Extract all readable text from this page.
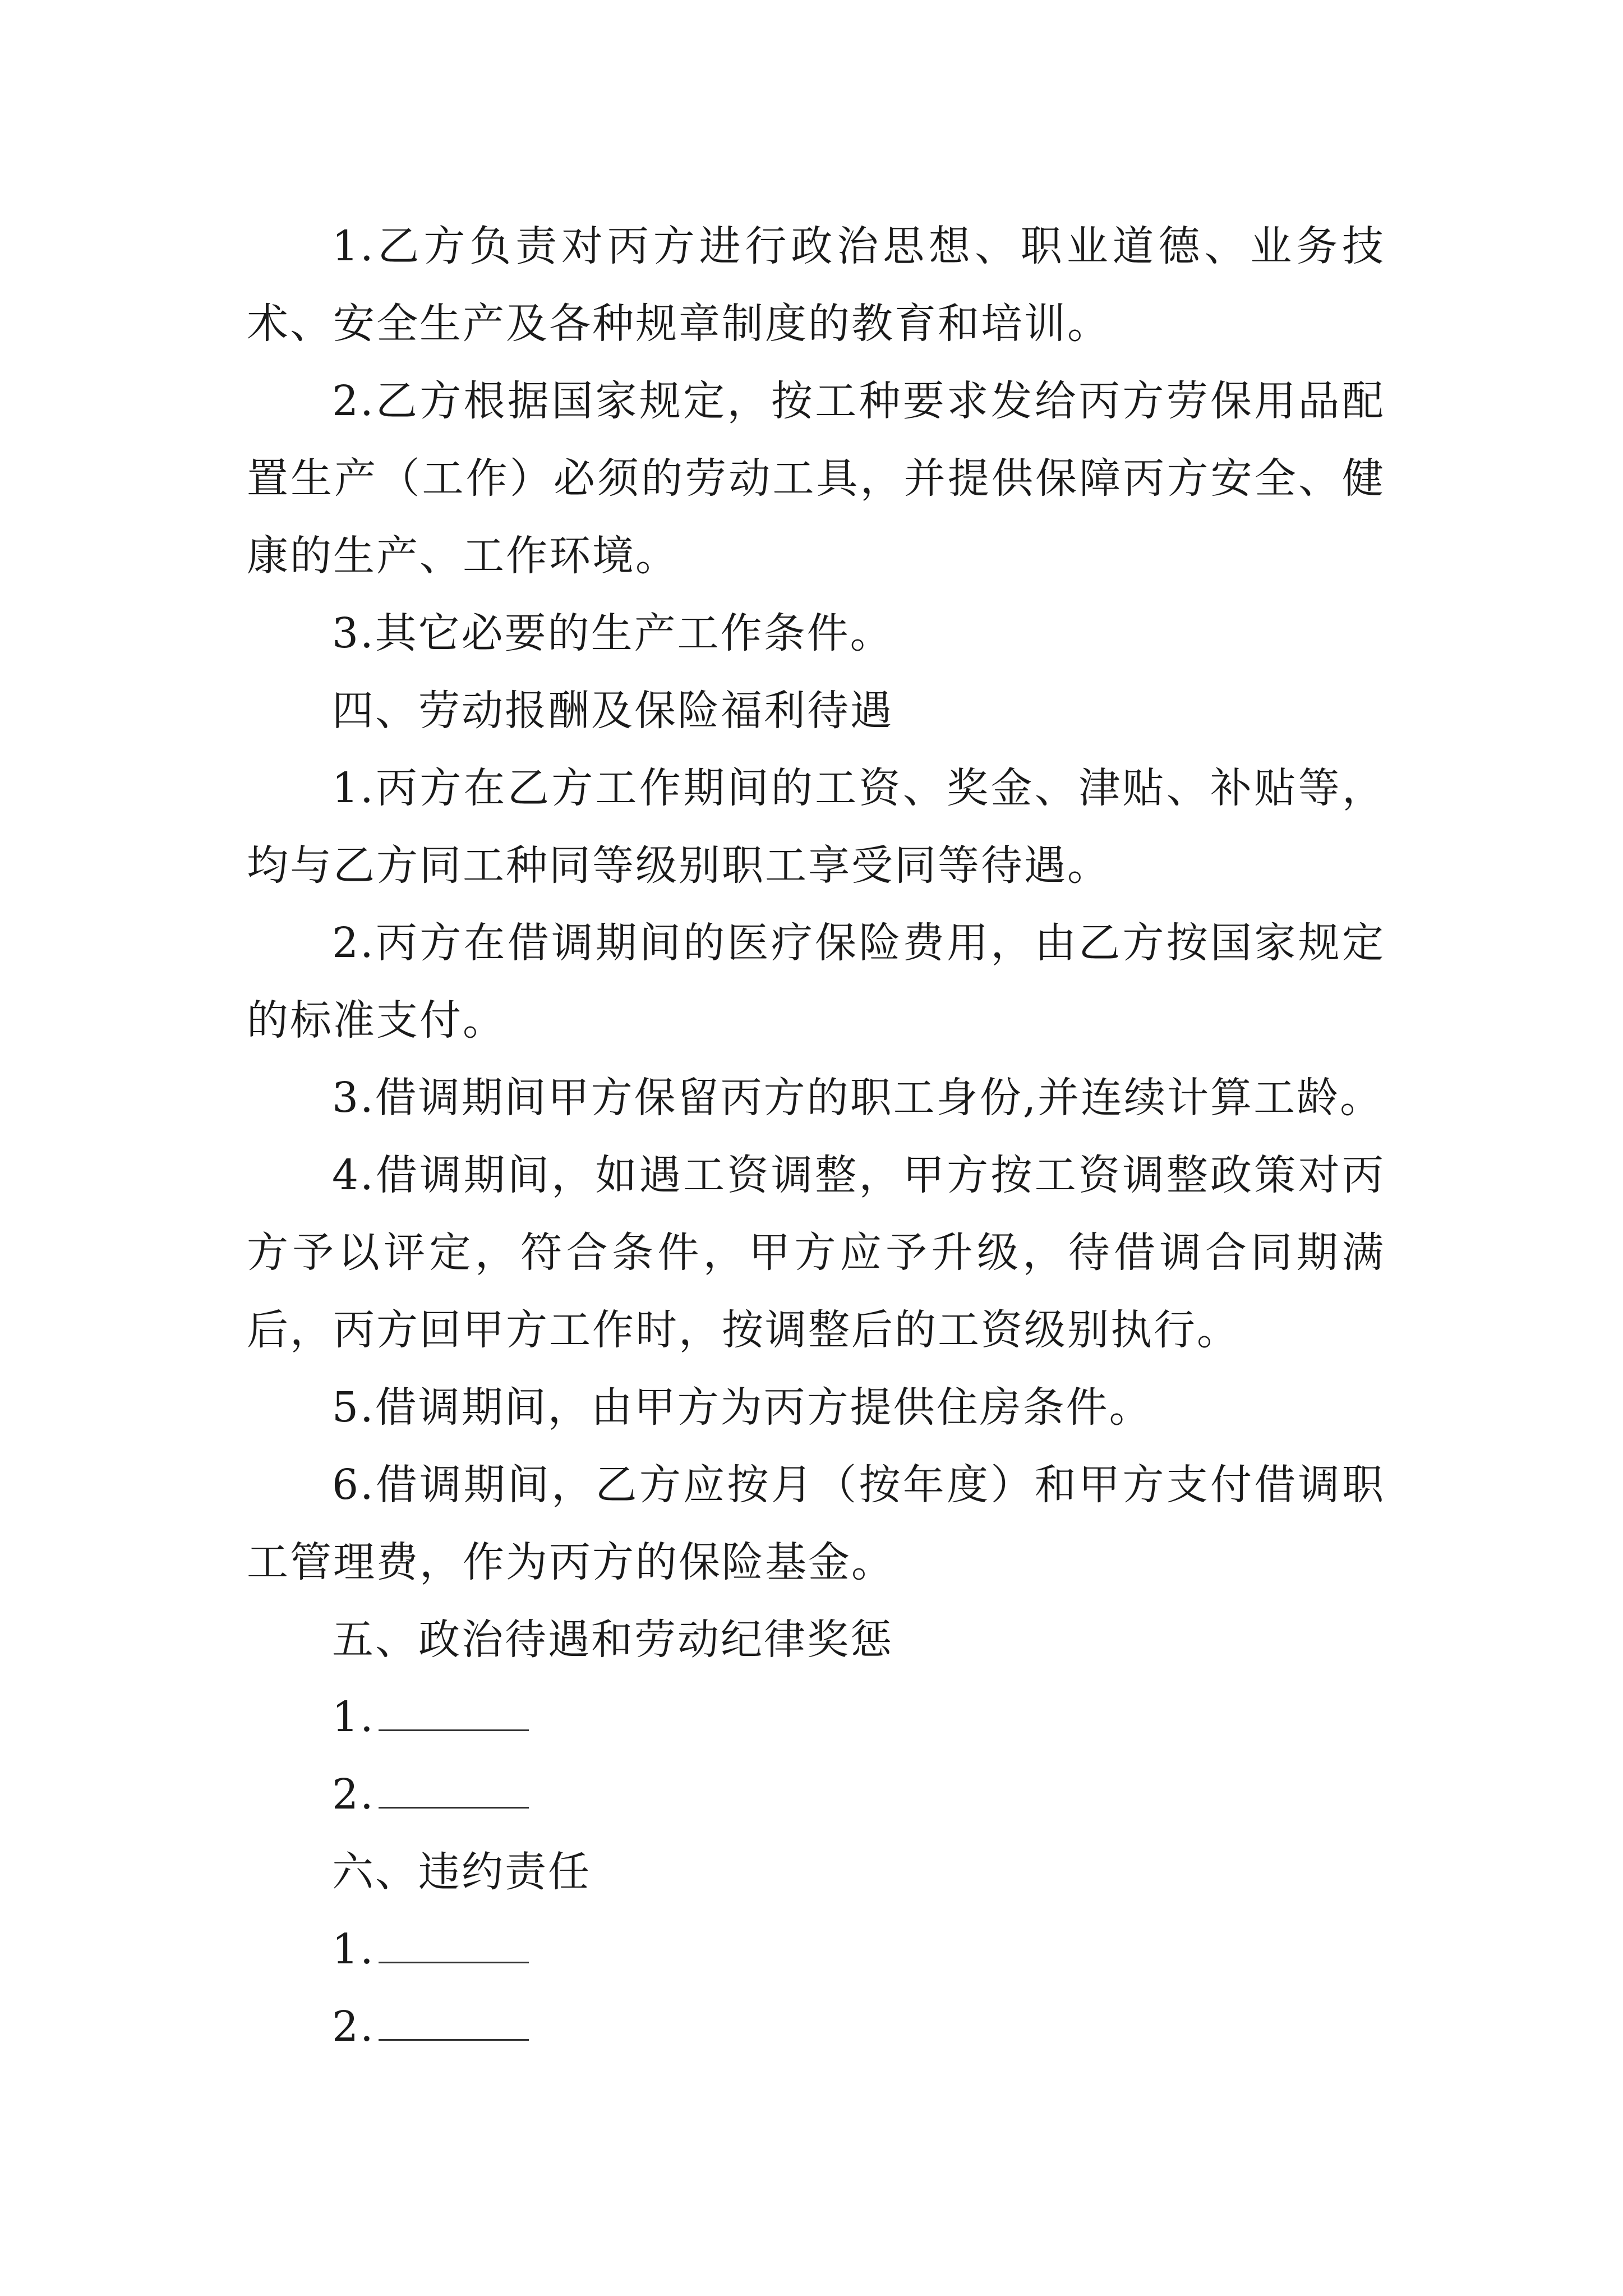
1.乙方负责对丙方进行政治思想、职业道德、业务技术、安全生产及各种规章制度的教育和培训。

2.乙方根据国家规定，按工种要求发给丙方劳保用品配置生产（工作）必须的劳动工具，并提供保障丙方安全、健康的生产、工作环境。

3.其它必要的生产工作条件。

四、劳动报酬及保险福利待遇

1.丙方在乙方工作期间的工资、奖金、津贴、补贴等，均与乙方同工种同等级别职工享受同等待遇。

2.丙方在借调期间的医疗保险费用，由乙方按国家规定的标准支付。

3.借调期间甲方保留丙方的职工身份,并连续计算工龄。

4.借调期间，如遇工资调整，甲方按工资调整政策对丙方予以评定，符合条件，甲方应予升级，待借调合同期满后，丙方回甲方工作时，按调整后的工资级别执行。

5.借调期间，由甲方为丙方提供住房条件。

6.借调期间，乙方应按月（按年度）和甲方支付借调职工管理费，作为丙方的保险基金。

五、政治待遇和劳动纪律奖惩

1.

2.

六、违约责任

1.

2.
